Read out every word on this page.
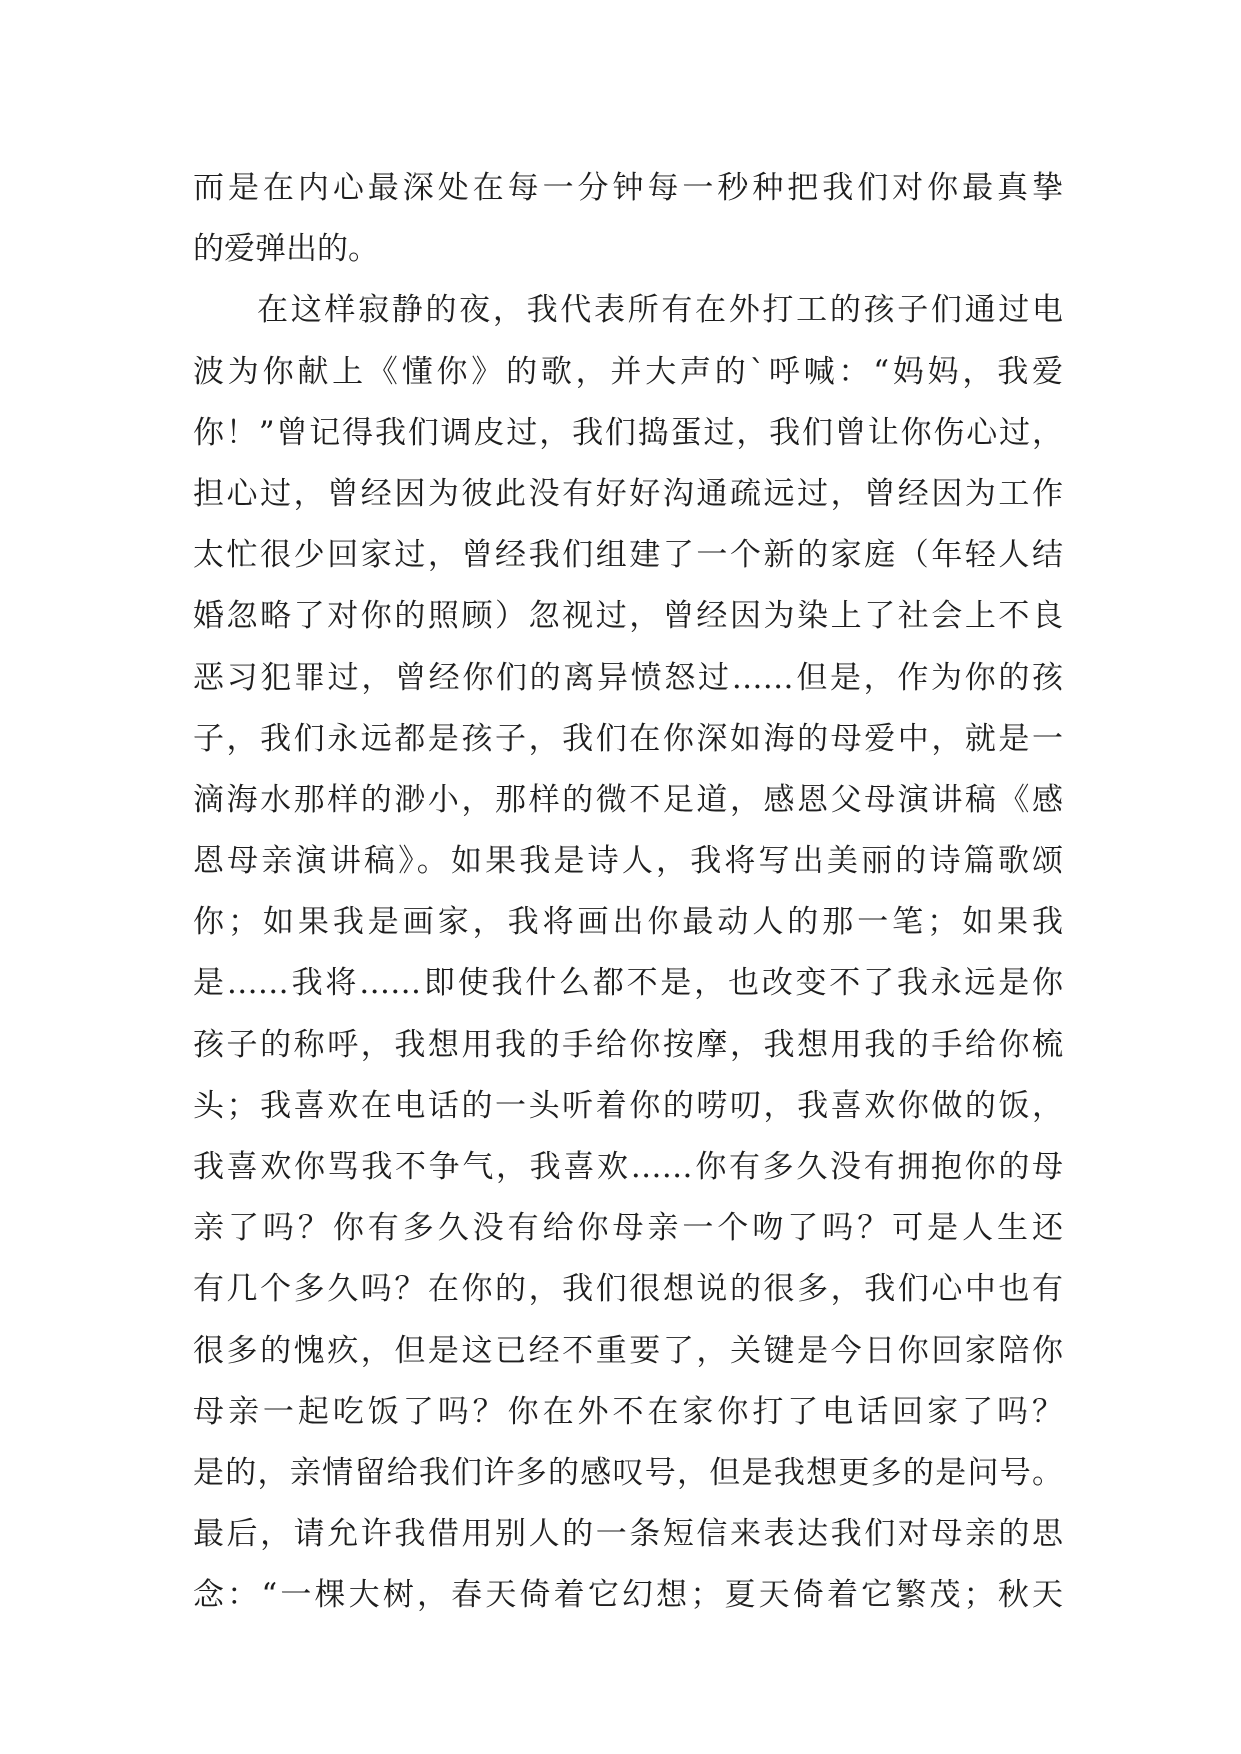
而是在内心最深处在每一分钟每一秒种把我们对你最真挚
的爱弹出的。
在这样寂静的夜，我代表所有在外打工的孩子们通过电
波为你献上《懂你》的歌，并大声的`呼喊：“妈妈，我爱
你！”曾记得我们调皮过，我们捣蛋过，我们曾让你伤心过，
担心过，曾经因为彼此没有好好沟通疏远过，曾经因为工作
太忙很少回家过，曾经我们组建了一个新的家庭（年轻人结
婚忽略了对你的照顾）忽视过，曾经因为染上了社会上不良
恶习犯罪过，曾经你们的离异愤怒过……但是，作为你的孩
子，我们永远都是孩子，我们在你深如海的母爱中，就是一
滴海水那样的渺小，那样的微不足道，感恩父母演讲稿《感
恩母亲演讲稿》。如果我是诗人，我将写出美丽的诗篇歌颂
你；如果我是画家，我将画出你最动人的那一笔；如果我
是……我将……即使我什么都不是，也改变不了我永远是你
孩子的称呼，我想用我的手给你按摩，我想用我的手给你梳
头；我喜欢在电话的一头听着你的唠叨，我喜欢你做的饭，
我喜欢你骂我不争气，我喜欢……你有多久没有拥抱你的母
亲了吗？你有多久没有给你母亲一个吻了吗？可是人生还
有几个多久吗？在你的，我们很想说的很多，我们心中也有
很多的愧疚，但是这已经不重要了，关键是今日你回家陪你
母亲一起吃饭了吗？你在外不在家你打了电话回家了吗？
是的，亲情留给我们许多的感叹号，但是我想更多的是问号。
最后，请允许我借用别人的一条短信来表达我们对母亲的思
念：“一棵大树，春天倚着它幻想；夏天倚着它繁茂；秋天
